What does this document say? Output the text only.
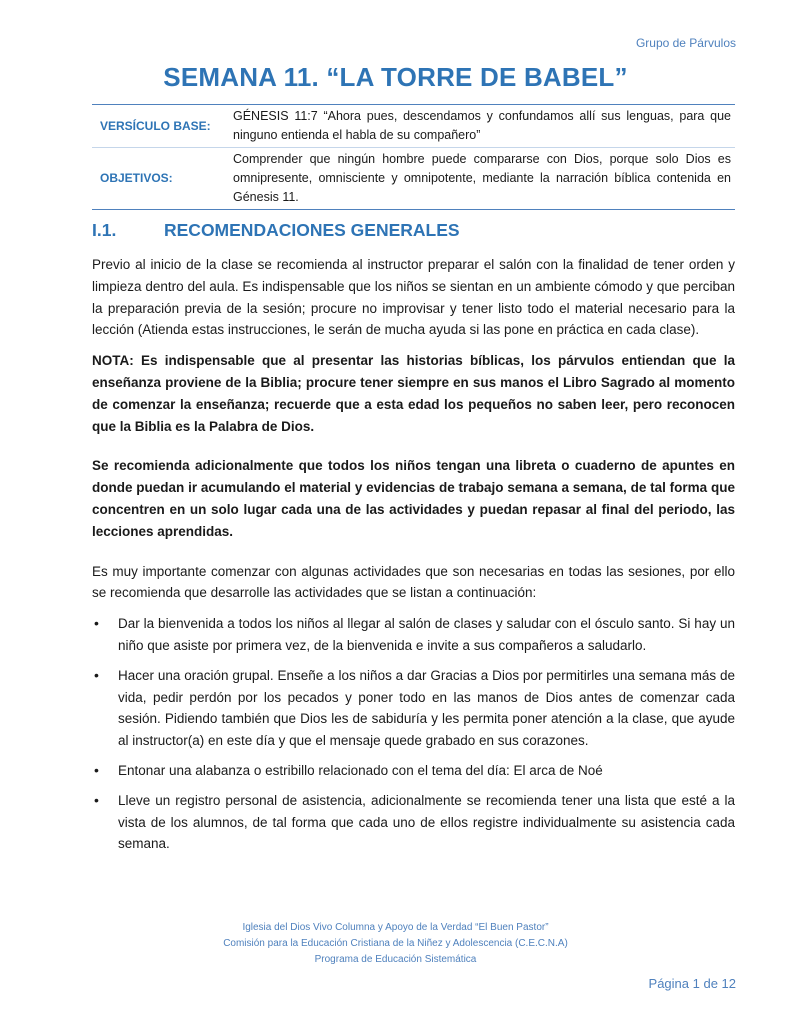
Grupo de Párvulos
SEMANA 11. “LA TORRE DE BABEL”
VERSÍCULO BASE:	GÉNESIS 11:7 “Ahora pues, descendamos y confundamos allí sus lenguas, para que ninguno entienda el habla de su compañero”
OBJETIVOS:	Comprender que ningún hombre puede compararse con Dios, porque solo Dios es omnipresente, omnisciente y omnipotente, mediante la narración bíblica contenida en Génesis 11.
I.1.	RECOMENDACIONES GENERALES

Previo al inicio de la clase se recomienda al instructor preparar el salón con la finalidad de tener orden y limpieza dentro del aula. Es indispensable que los niños se sientan en un ambiente cómodo y que perciban la preparación previa de la sesión; procure no improvisar y tener listo todo el material necesario para la lección (Atienda estas instrucciones, le serán de mucha ayuda si las pone en práctica en cada clase).

NOTA: Es indispensable que al presentar las historias bíblicas, los párvulos entiendan que la enseñanza proviene de la Biblia; procure tener siempre en sus manos el Libro Sagrado al momento de comenzar la enseñanza; recuerde que a esta edad los pequeños no saben leer, pero reconocen que la Biblia es la Palabra de Dios.

Se recomienda adicionalmente que todos los niños tengan una libreta o cuaderno de apuntes en donde puedan ir acumulando el material y evidencias de trabajo semana a semana, de tal forma que concentren en un solo lugar cada una de las actividades y puedan repasar al final del periodo, las lecciones aprendidas.

Es muy importante comenzar con algunas actividades que son necesarias en todas las sesiones, por ello se recomienda que desarrolle las actividades que se listan a continuación:

• Dar la bienvenida a todos los niños al llegar al salón de clases y saludar con el ósculo santo. Si hay un niño que asiste por primera vez, de la bienvenida e invite a sus compañeros a saludarlo.
• Hacer una oración grupal. Enseñe a los niños a dar Gracias a Dios por permitirles una semana más de vida, pedir perdón por los pecados y poner todo en las manos de Dios antes de comenzar cada sesión. Pidiendo también que Dios les de sabiduría y les permita poner atención a la clase, que ayude al instructor(a) en este día y que el mensaje quede grabado en sus corazones.
• Entonar una alabanza o estribillo relacionado con el tema del día: El arca de Noé
• Lleve un registro personal de asistencia, adicionalmente se recomienda tener una lista que esté a la vista de los alumnos, de tal forma que cada uno de ellos registre individualmente su asistencia cada semana.
Iglesia del Dios Vivo Columna y Apoyo de la Verdad “El Buen Pastor”
Comisión para la Educación Cristiana de la Niñez y Adolescencia (C.E.C.N.A)
Programa de Educación Sistemática
Página 1 de 12
